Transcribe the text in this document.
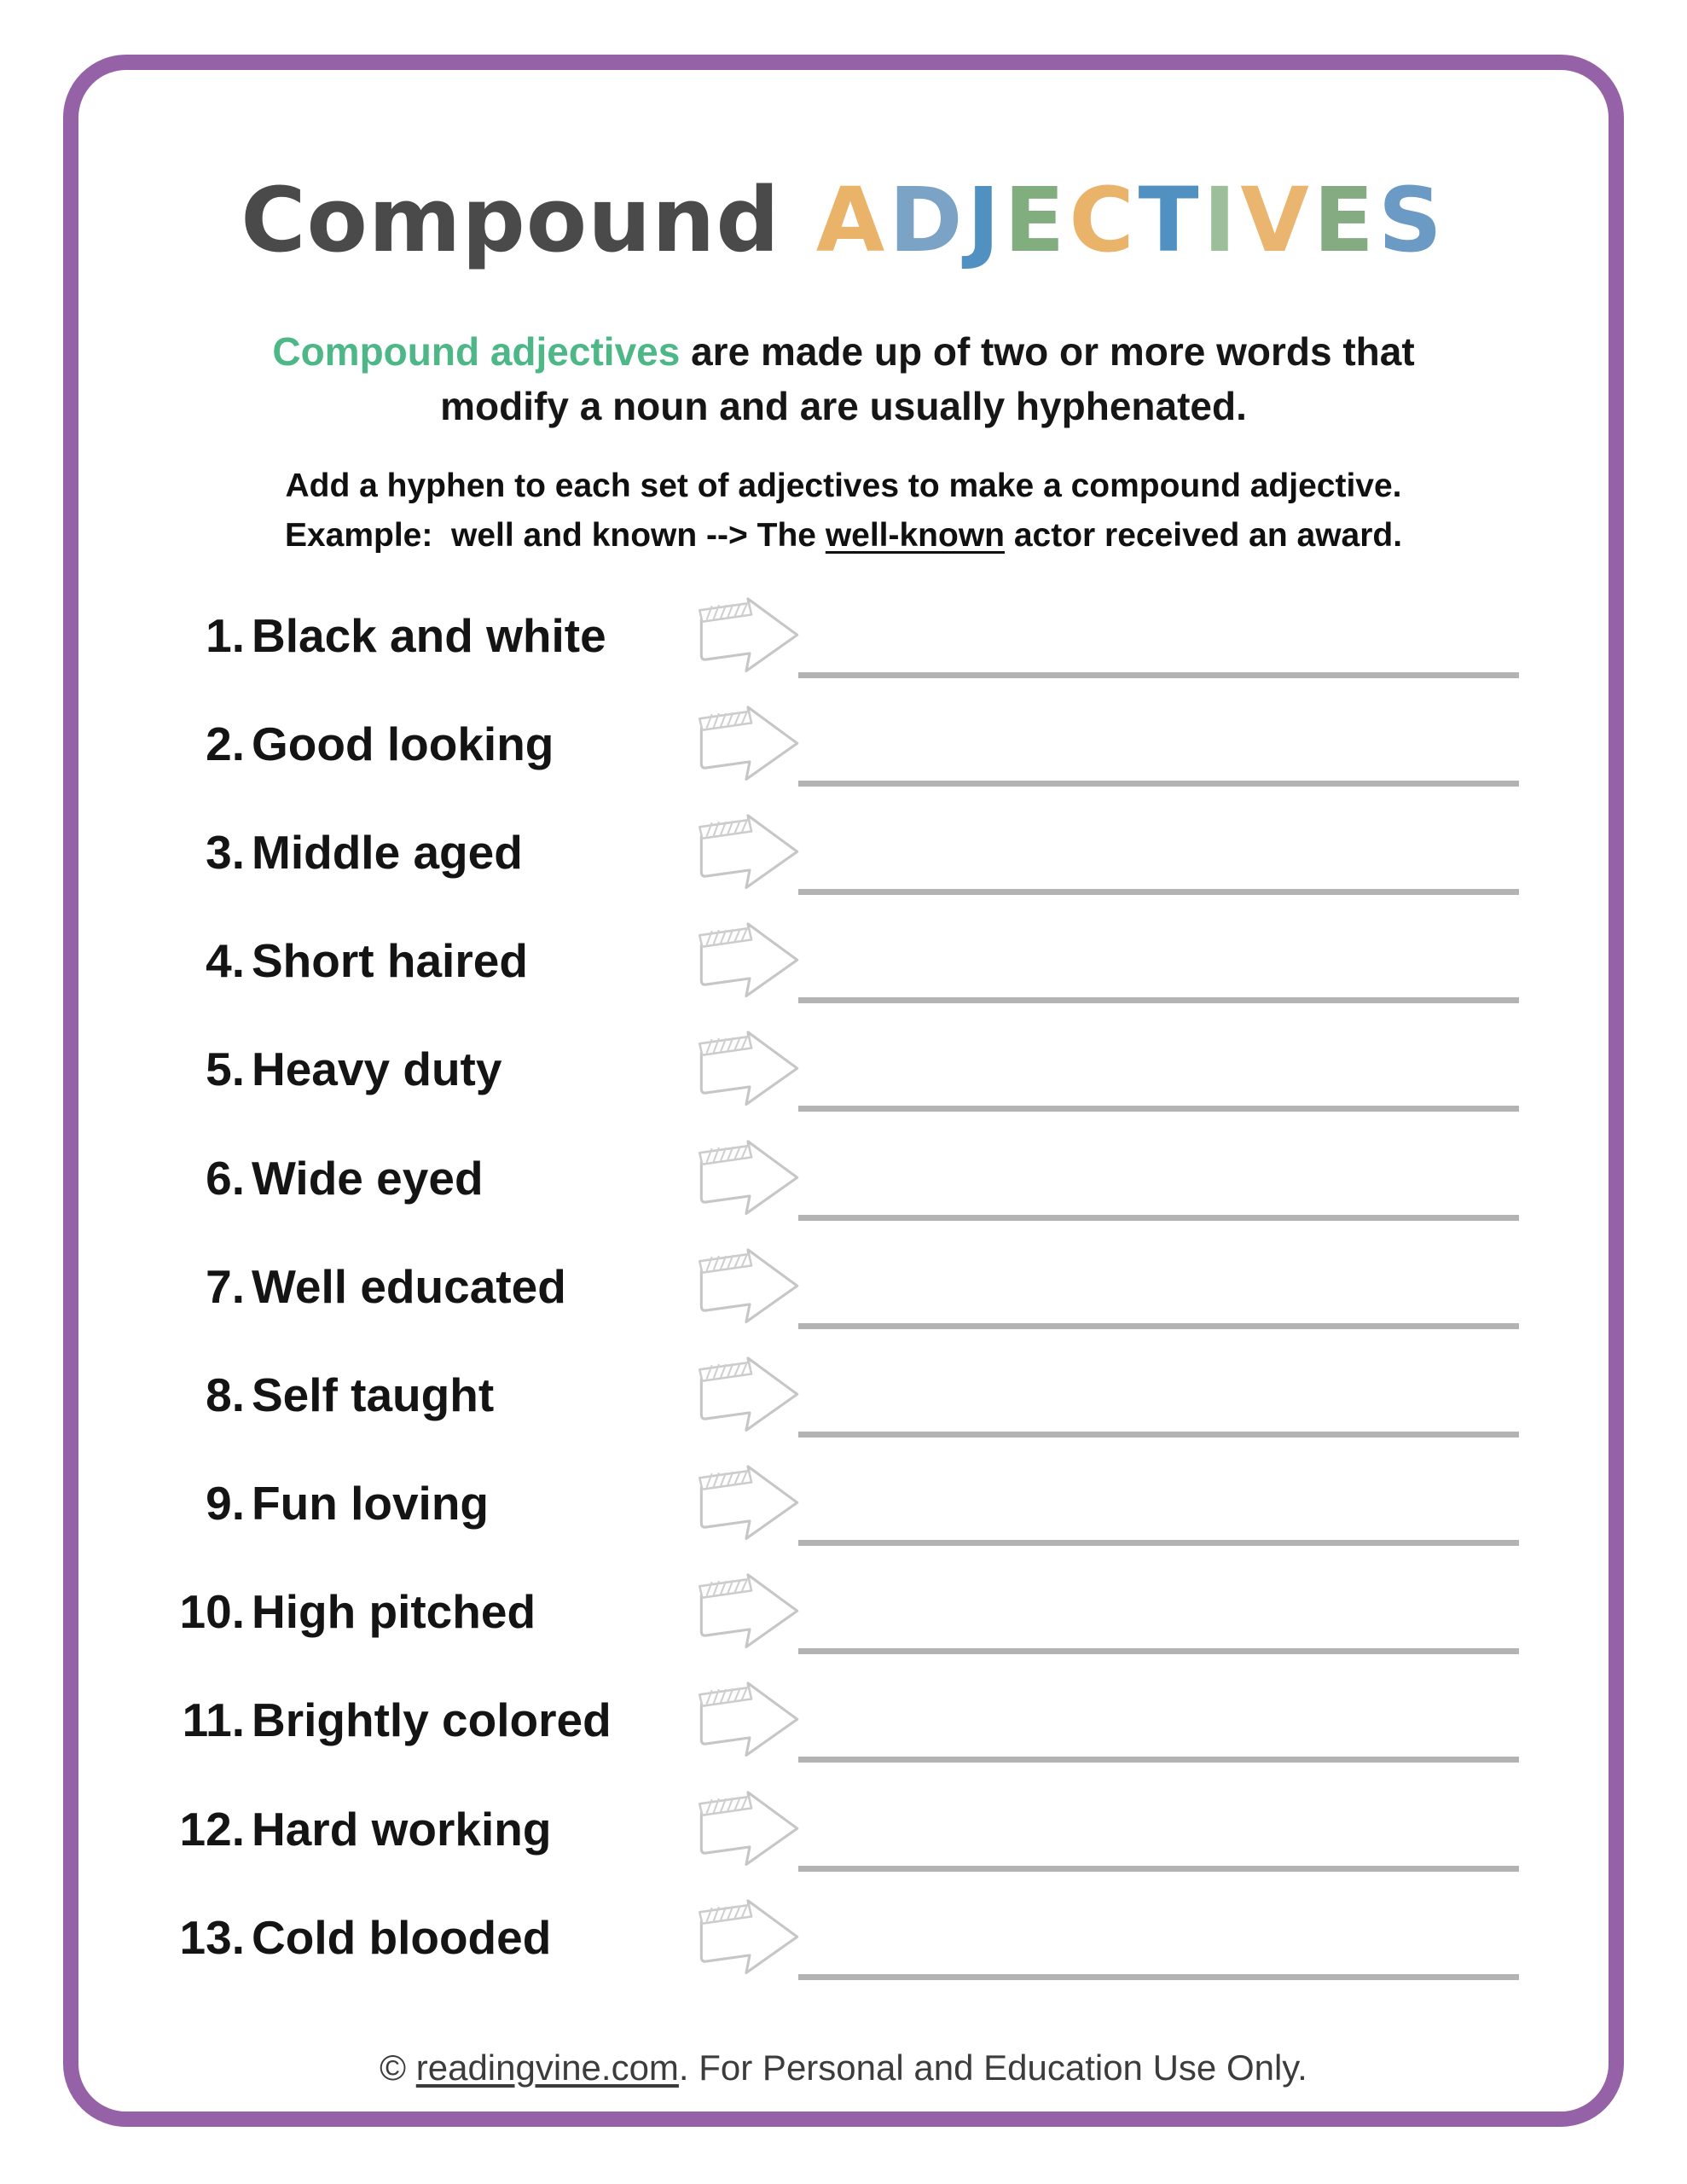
Compound ADJECTIVES

Compound adjectives are made up of two or more words that
modify a noun and are usually hyphenated.

Add a hyphen to each set of adjectives to make a compound adjective.
Example:  well and known --> The well-known actor received an award.

1. Black and white
2. Good looking
3. Middle aged
4. Short haired
5. Heavy duty
6. Wide eyed
7. Well educated
8. Self taught
9. Fun loving
10. High pitched
11. Brightly colored
12. Hard working
13. Cold blooded
© readingvine.com. For Personal and Education Use Only.
